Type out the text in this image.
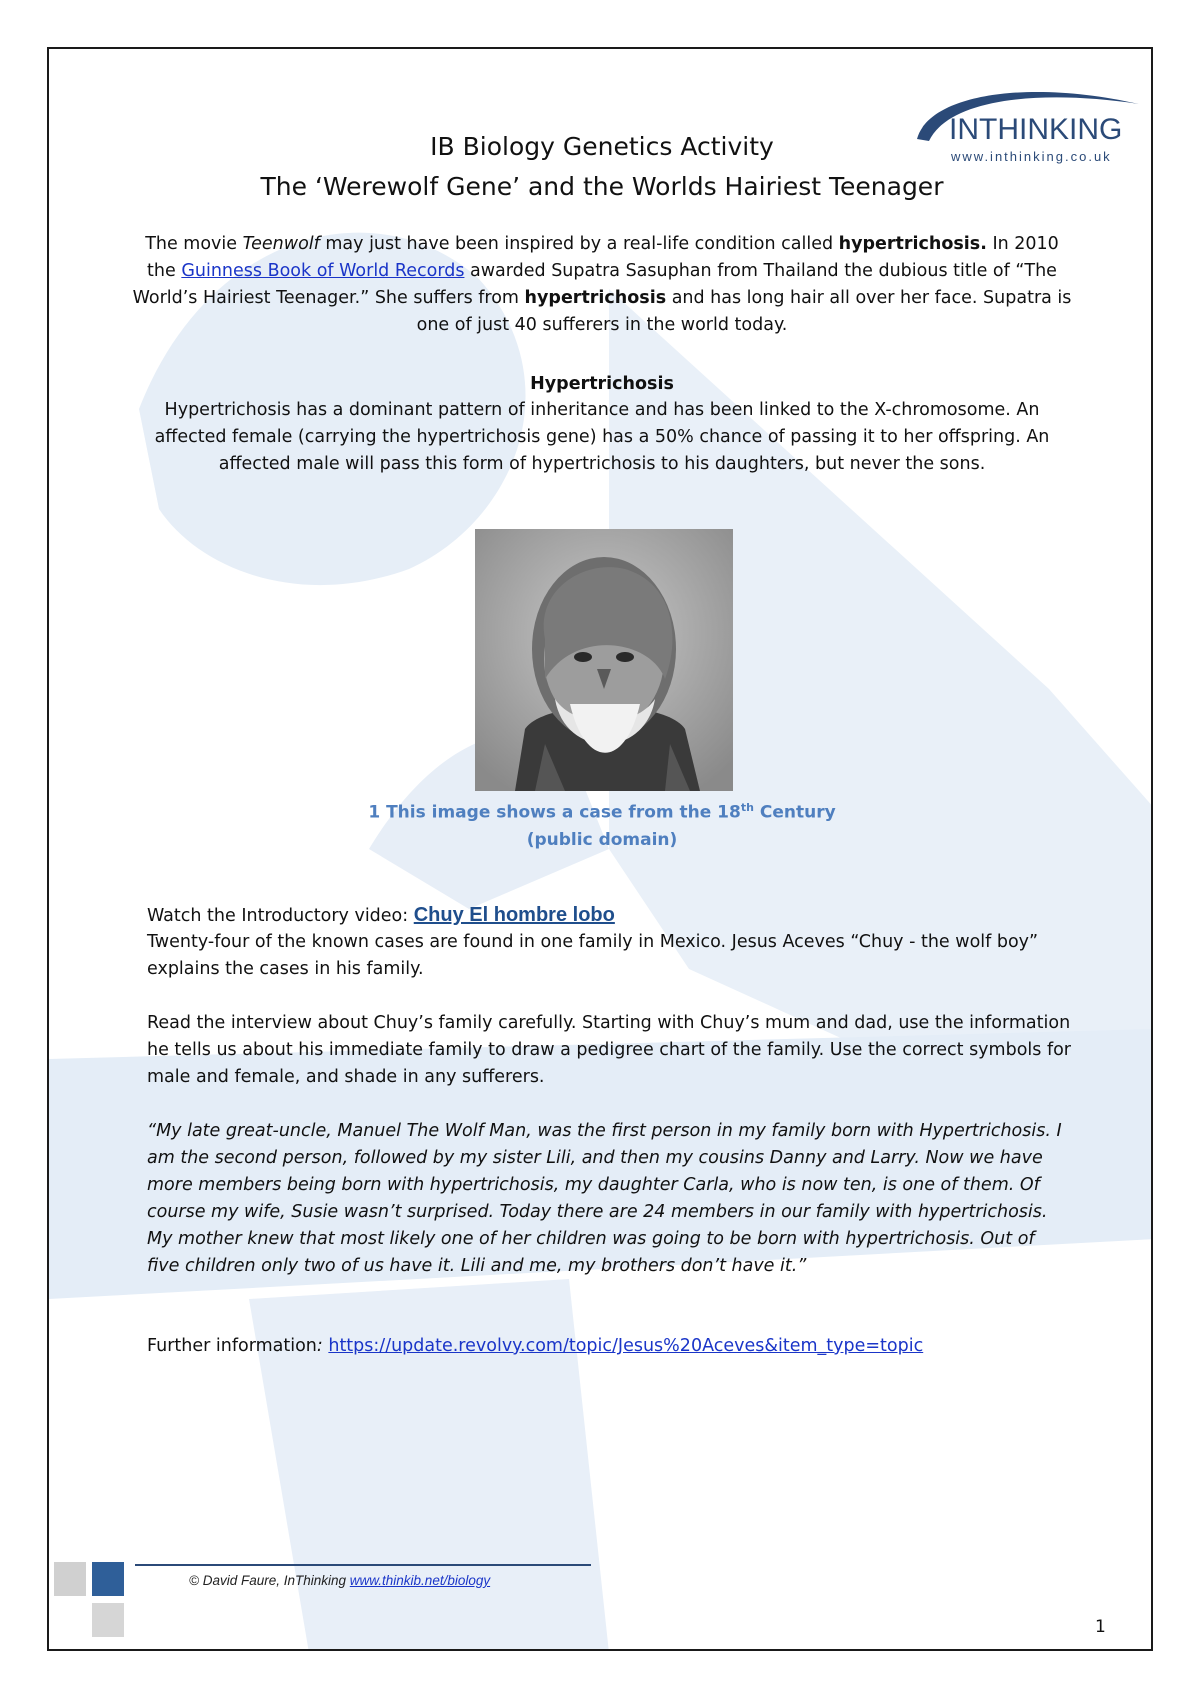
INTHINKING
www.inthinking.co.uk
IB Biology Genetics Activity
The ‘Werewolf Gene’ and the Worlds Hairiest Teenager
The movie Teenwolf may just have been inspired by a real-life condition called hypertrichosis. In 2010 the Guinness Book of World Records awarded Supatra Sasuphan from Thailand the dubious title of “The World’s Hairiest Teenager.” She suffers from hypertrichosis and has long hair all over her face. Supatra is one of just 40 sufferers in the world today.
Hypertrichosis
Hypertrichosis has a dominant pattern of inheritance and has been linked to the X-chromosome. An affected female (carrying the hypertrichosis gene) has a 50% chance of passing it to her offspring. An affected male will pass this form of hypertrichosis to his daughters, but never the sons.
1 This image shows a case from the 18th Century
(public domain)
Watch the Introductory video: Chuy El hombre lobo
Twenty-four of the known cases are found in one family in Mexico. Jesus Aceves “Chuy - the wolf boy” explains the cases in his family.
Read the interview about Chuy’s family carefully. Starting with Chuy’s mum and dad, use the information he tells us about his immediate family to draw a pedigree chart of the family. Use the correct symbols for male and female, and shade in any sufferers.
“My late great-uncle, Manuel The Wolf Man, was the first person in my family born with Hypertrichosis. I am the second person, followed by my sister Lili, and then my cousins Danny and Larry. Now we have more members being born with hypertrichosis, my daughter Carla, who is now ten, is one of them. Of course my wife, Susie wasn’t surprised. Today there are 24 members in our family with hypertrichosis. My mother knew that most likely one of her children was going to be born with hypertrichosis. Out of five children only two of us have it. Lili and me, my brothers don’t have it.”
Further information: https://update.revolvy.com/topic/Jesus%20Aceves&item_type=topic
© David Faure, InThinking www.thinkib.net/biology
1
